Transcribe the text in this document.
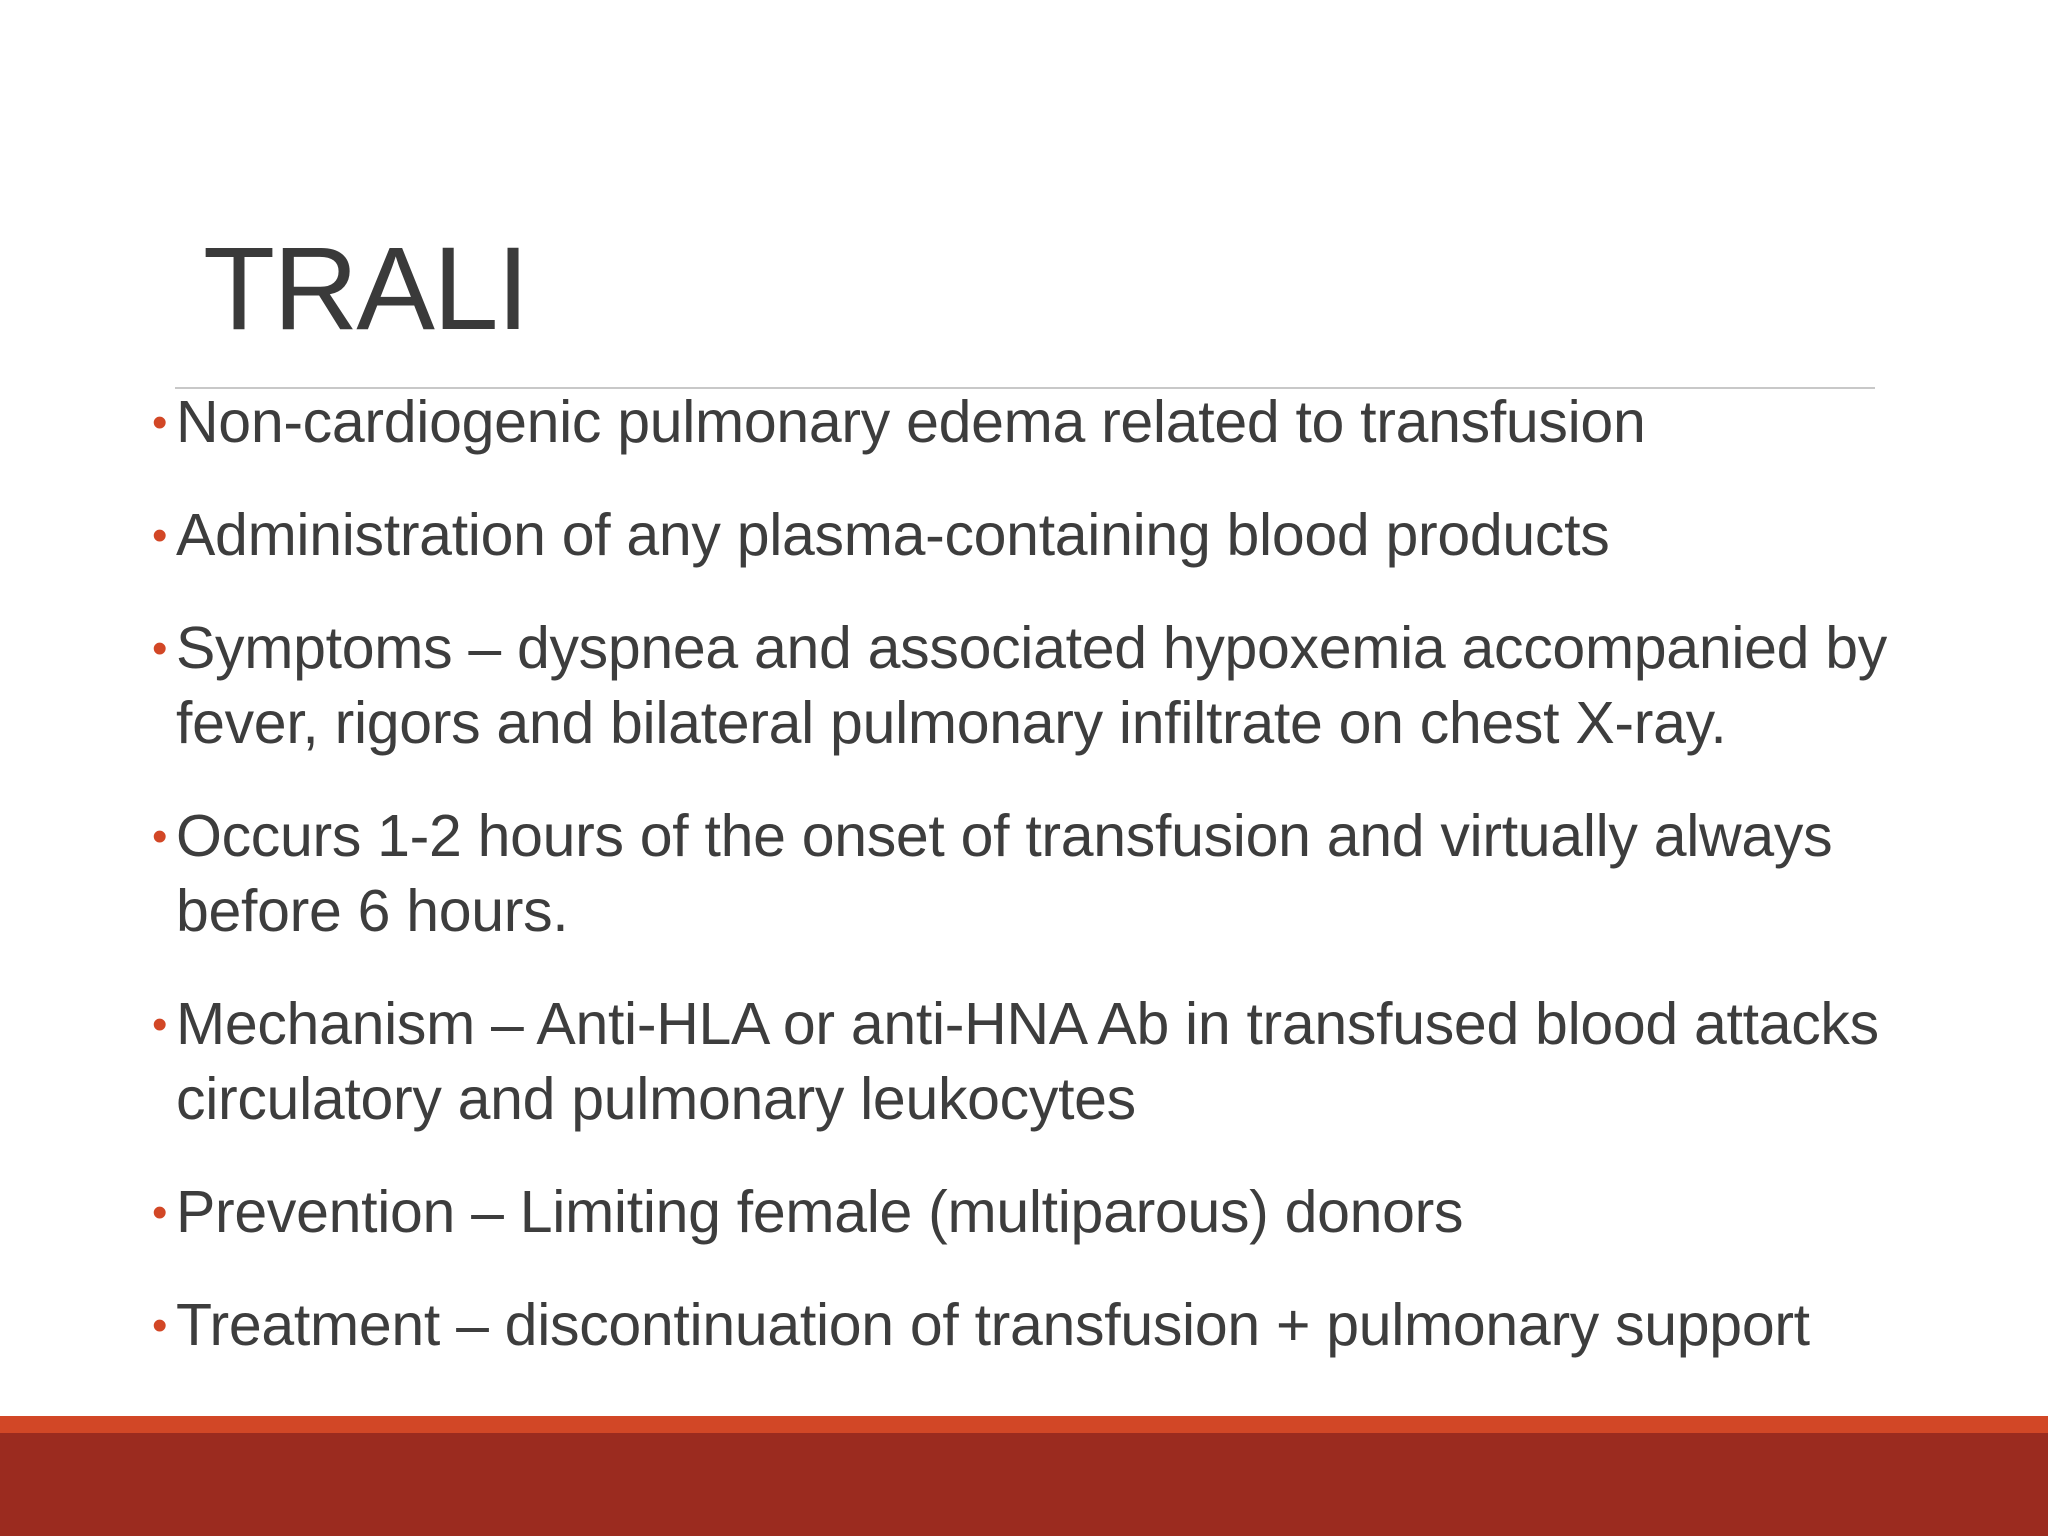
TRALI
• Non-cardiogenic pulmonary edema related to transfusion
• Administration of any plasma-containing blood products
• Symptoms – dyspnea and associated hypoxemia accompanied by fever, rigors and bilateral pulmonary infiltrate on chest X-ray.
• Occurs 1-2 hours of the onset of transfusion and virtually always before 6 hours.
• Mechanism – Anti-HLA or anti-HNA Ab in transfused blood attacks circulatory and pulmonary leukocytes
• Prevention – Limiting female (multiparous) donors
• Treatment – discontinuation of transfusion + pulmonary support
